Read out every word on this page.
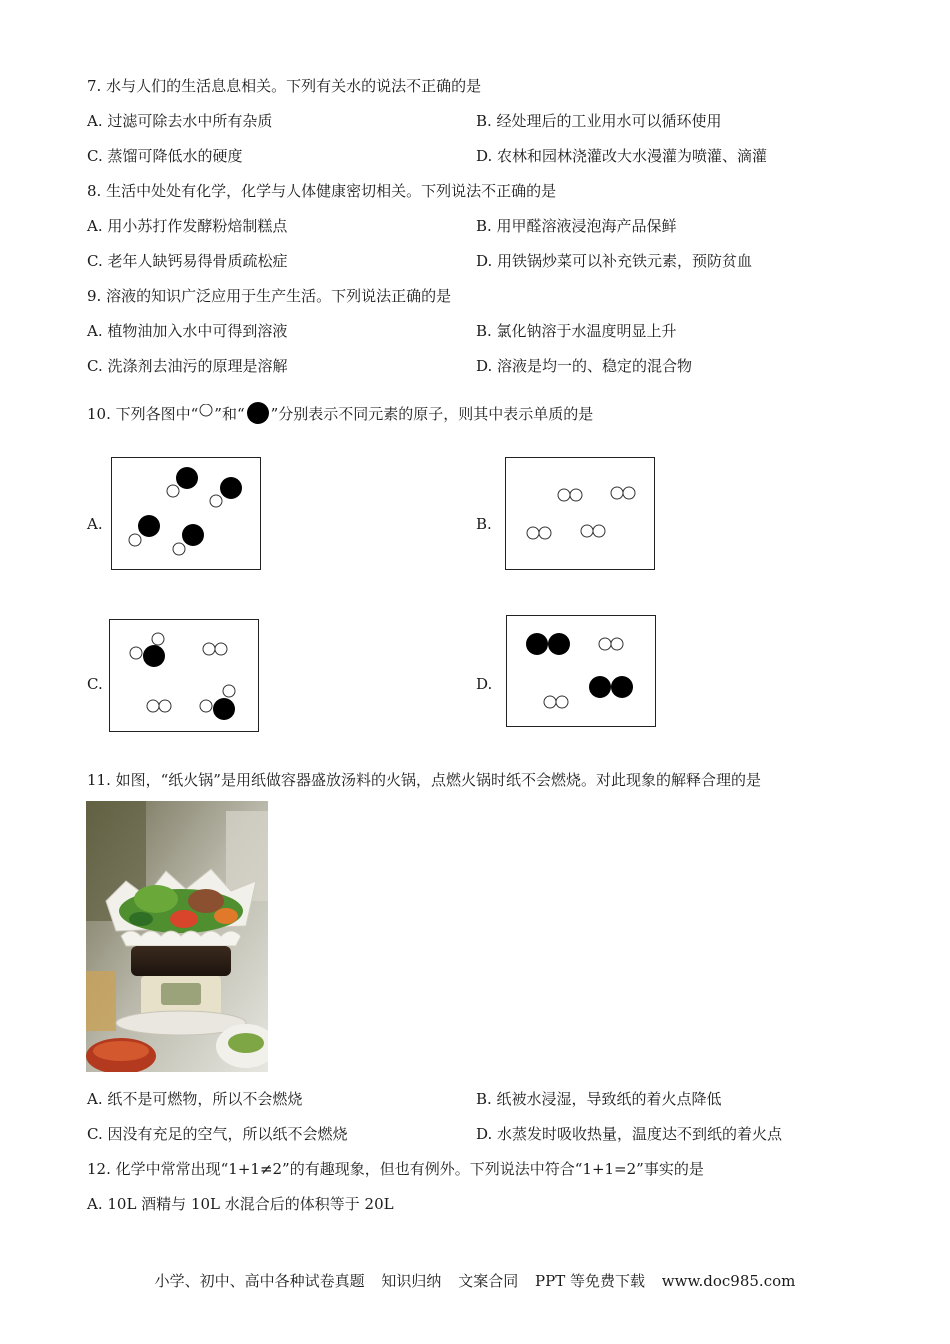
7. 水与人们的生活息息相关。下列有关水的说法不正确的是
A. 过滤可除去水中所有杂质	B. 经处理后的工业用水可以循环使用
C. 蒸馏可降低水的硬度	D. 农林和园林浇灌改大水漫灌为喷灌、滴灌
8. 生活中处处有化学，化学与人体健康密切相关。下列说法不正确的是
A. 用小苏打作发酵粉焙制糕点	B. 用甲醛溶液浸泡海产品保鲜
C. 老年人缺钙易得骨质疏松症	D. 用铁锅炒菜可以补充铁元素，预防贫血
9. 溶液的知识广泛应用于生产生活。下列说法正确的是
A. 植物油加入水中可得到溶液	B. 氯化钠溶于水温度明显上升
C. 洗涤剂去油污的原理是溶解	D. 溶液是均一的、稳定的混合物
10. 下列各图中“ ”和“ ”分别表示不同元素的原子，则其中表示单质的是
A.	B.
C.	D.
11. 如图，“纸火锅”是用纸做容器盛放汤料的火锅，点燃火锅时纸不会燃烧。对此现象的解释合理的是
A. 纸不是可燃物，所以不会燃烧	B. 纸被水浸湿，导致纸的着火点降低
C. 因没有充足的空气，所以纸不会燃烧	D. 水蒸发时吸收热量，温度达不到纸的着火点
12. 化学中常常出现“1+1≠2”的有趣现象，但也有例外。下列说法中符合“1+1=2”事实的是
A. 10L 酒精与 10L 水混合后的体积等于 20L
小学、初中、高中各种试卷真题 知识归纳 文案合同 PPT 等免费下载 www.doc985.com
